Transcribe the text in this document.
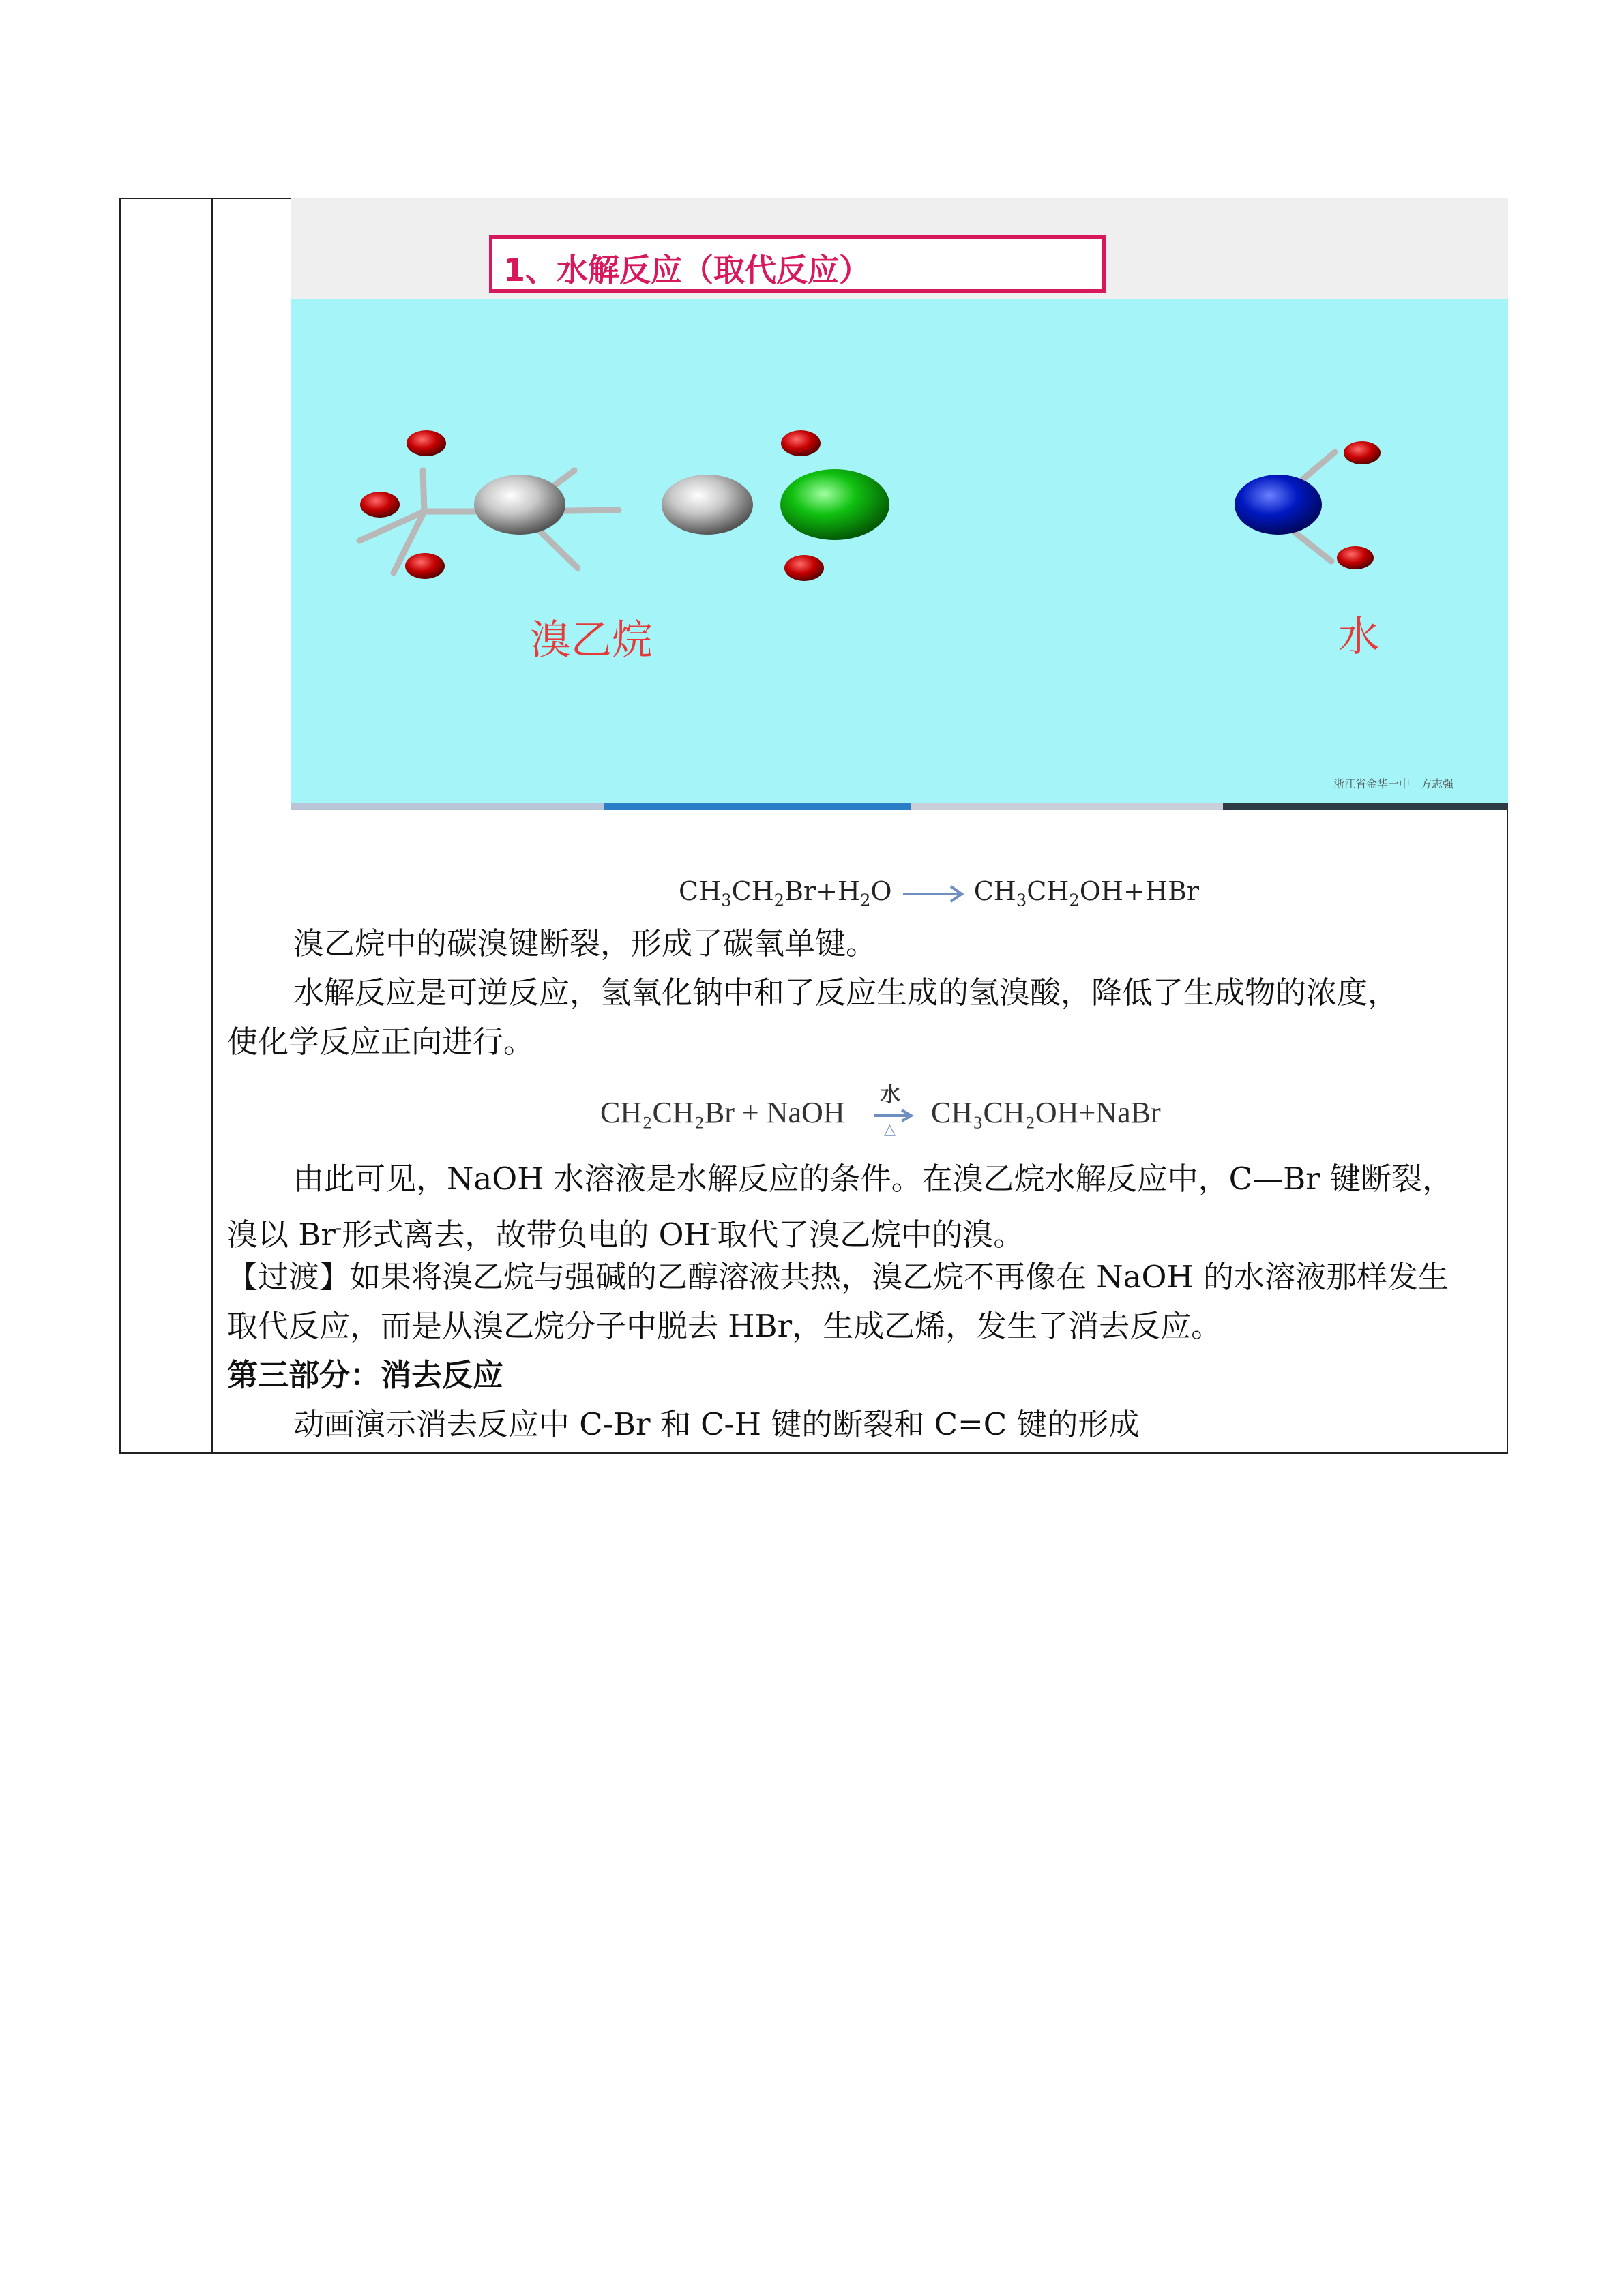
1、水解反应（取代反应）
溴乙烷	水
浙江省金华一中　方志强
$CH_3CH_2Br+H_2O$	$CH_3CH_2OH+HBr$
溴乙烷中的碳溴键断裂，形成了碳氧单键。
水解反应是可逆反应，氢氧化钠中和了反应生成的氢溴酸，降低了生成物的浓度，
使化学反应正向进行。
CH₂CH₂Br + NaOH
水
△
CH₃CH₂OH+NaBr
由此可见，NaOH 水溶液是水解反应的条件。在溴乙烷水解反应中，C—Br 键断裂，
溴以 Br-形式离去，故带负电的 OH-取代了溴乙烷中的溴。
【过渡】如果将溴乙烷与强碱的乙醇溶液共热，溴乙烷不再像在 NaOH 的水溶液那样发生
取代反应，而是从溴乙烷分子中脱去 HBr，生成乙烯，发生了消去反应。
第三部分：消去反应
动画演示消去反应中 C-Br 和 C-H 键的断裂和 C=C 键的形成
